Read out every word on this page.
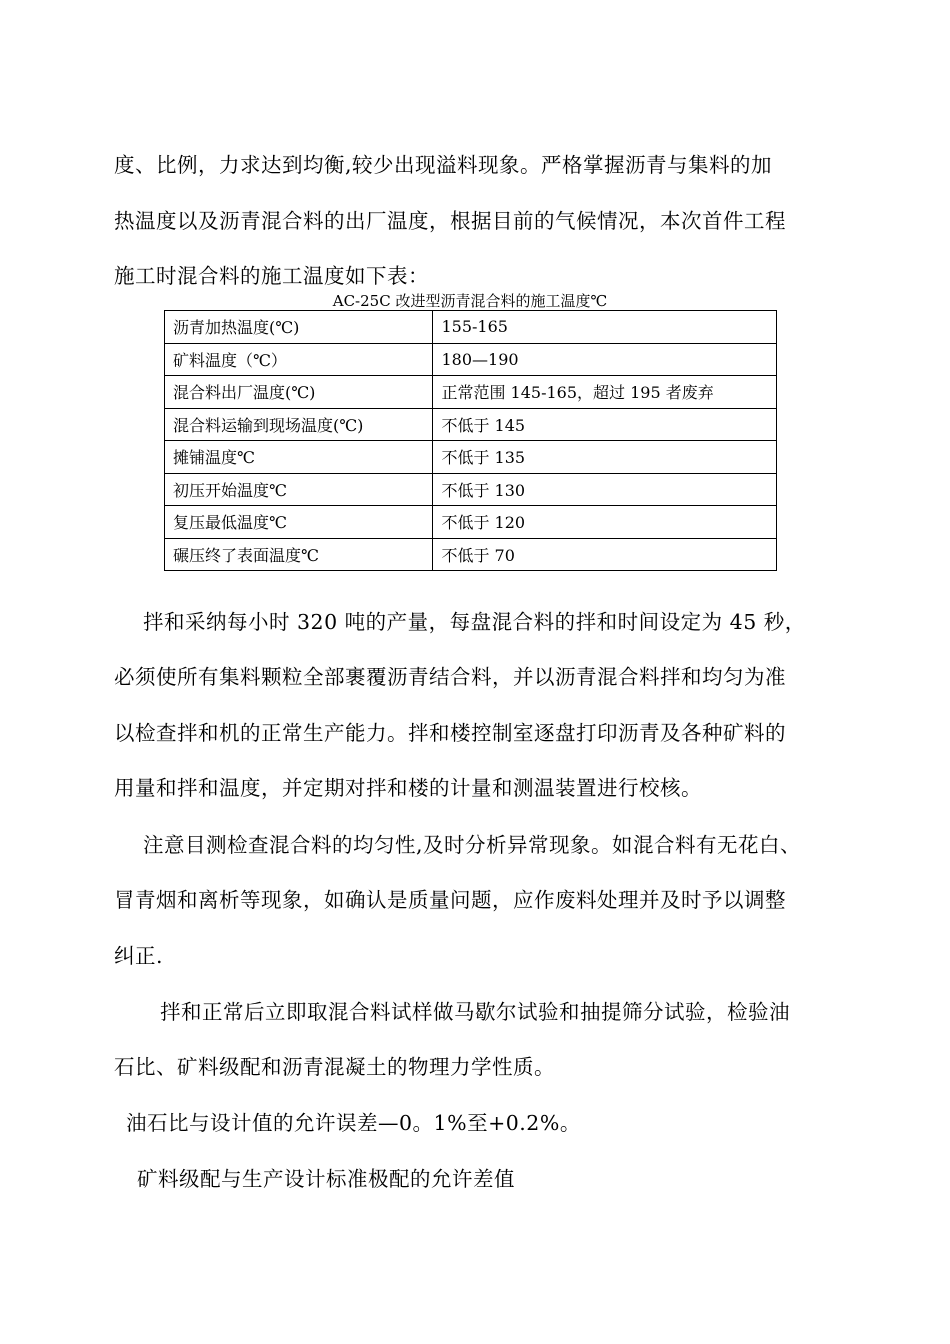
度、比例，力求达到均衡,较少出现溢料现象。严格掌握沥青与集料的加
热温度以及沥青混合料的出厂温度，根据目前的气候情况，本次首件工程
施工时混合料的施工温度如下表：
AC-25C 改进型沥青混合料的施工温度℃
沥青加热温度(℃)	155-165
矿料温度（℃）	180—190
混合料出厂温度(℃)	正常范围 145-165，超过 195 者废弃
混合料运输到现场温度(℃)	不低于 145
摊铺温度℃	不低于 135
初压开始温度℃	不低于 130
复压最低温度℃	不低于 120
碾压终了表面温度℃	不低于 70
拌和采纳每小时 320 吨的产量，每盘混合料的拌和时间设定为 45 秒，
必须使所有集料颗粒全部裹覆沥青结合料，并以沥青混合料拌和均匀为准
以检查拌和机的正常生产能力。拌和楼控制室逐盘打印沥青及各种矿料的
用量和拌和温度，并定期对拌和楼的计量和测温装置进行校核。
注意目测检查混合料的均匀性,及时分析异常现象。如混合料有无花白、
冒青烟和离析等现象，如确认是质量问题，应作废料处理并及时予以调整
纠正.
拌和正常后立即取混合料试样做马歇尔试验和抽提筛分试验，检验油
石比、矿料级配和沥青混凝土的物理力学性质。
油石比与设计值的允许误差—0。1%至+0.2%。
矿料级配与生产设计标准极配的允许差值
